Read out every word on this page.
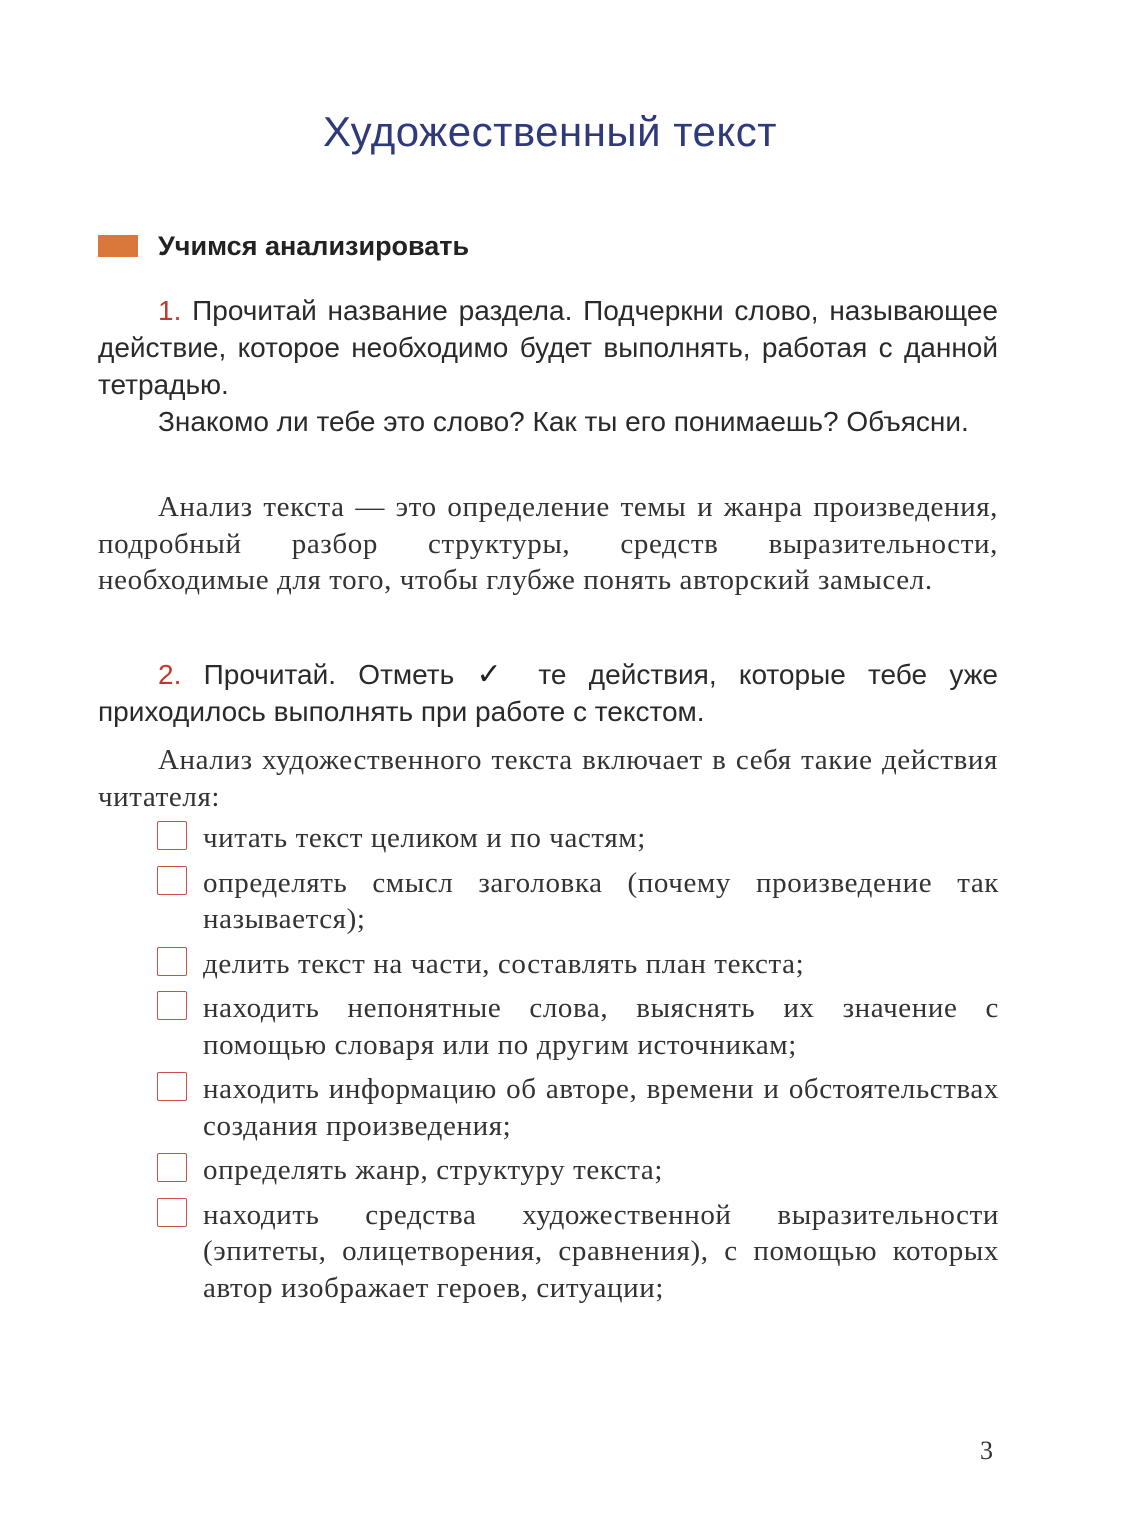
Художественный текст
Учимся анализировать

1. Прочитай название раздела. Подчеркни слово, называющее действие, которое необходимо будет выполнять, работая с данной тетрадью.

Знакомо ли тебе это слово? Как ты его понимаешь? Объясни.

Анализ текста — это определение темы и жанра произведения, подробный разбор структуры, средств выразительности, необходимые для того, чтобы глубже понять авторский замысел.

2. Прочитай. Отметь ✓ те действия, которые тебе уже приходилось выполнять при работе с текстом.

Анализ художественного текста включает в себя такие действия читателя:

читать текст целиком и по частям;
определять смысл заголовка (почему произведение так называется);
делить текст на части, составлять план текста;
находить непонятные слова, выяснять их значение с помощью словаря или по другим источникам;
находить информацию об авторе, времени и обстоятельствах создания произведения;
определять жанр, структуру текста;
находить средства художественной выразительности (эпитеты, олицетворения, сравнения), с помощью которых автор изображает героев, ситуации;
3
